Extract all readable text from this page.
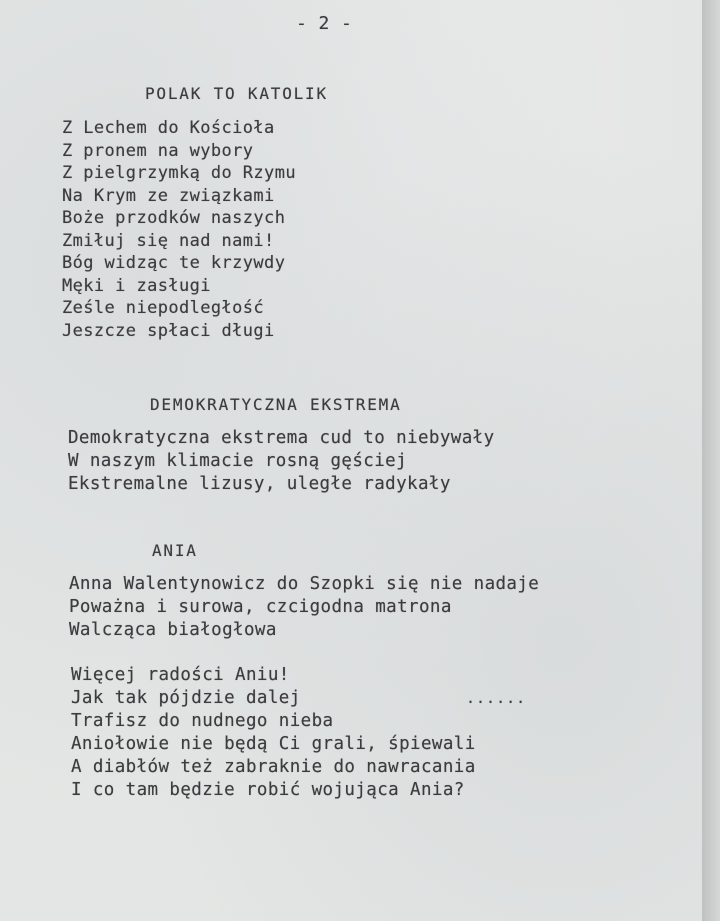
- 2 -

POLAK TO KATOLIK

Z Lechem do Kościoła
Z pronem na wybory
Z pielgrzymką do Rzymu
Na Krym ze związkami
Boże przodków naszych
Zmiłuj się nad nami!
Bóg widząc te krzywdy
Męki i zasługi
Ześle niepodległość
Jeszcze spłaci długi

DEMOKRATYCZNA EKSTREMA

Demokratyczna ekstrema cud to niebywały
W naszym klimacie rosną gęściej
Ekstremalne lizusy, uległe radykały

ANIA

Anna Walentynowicz do Szopki się nie nadaje
Poważna i surowa, czcigodna matrona
Walcząca białogłowa
Więcej radości Aniu!
Jak tak pójdzie dalej
Trafisz do nudnego nieba
Aniołowie nie będą Ci grali, śpiewali
A diabłów też zabraknie do nawracania
I co tam będzie robić wojująca Ania?

......
